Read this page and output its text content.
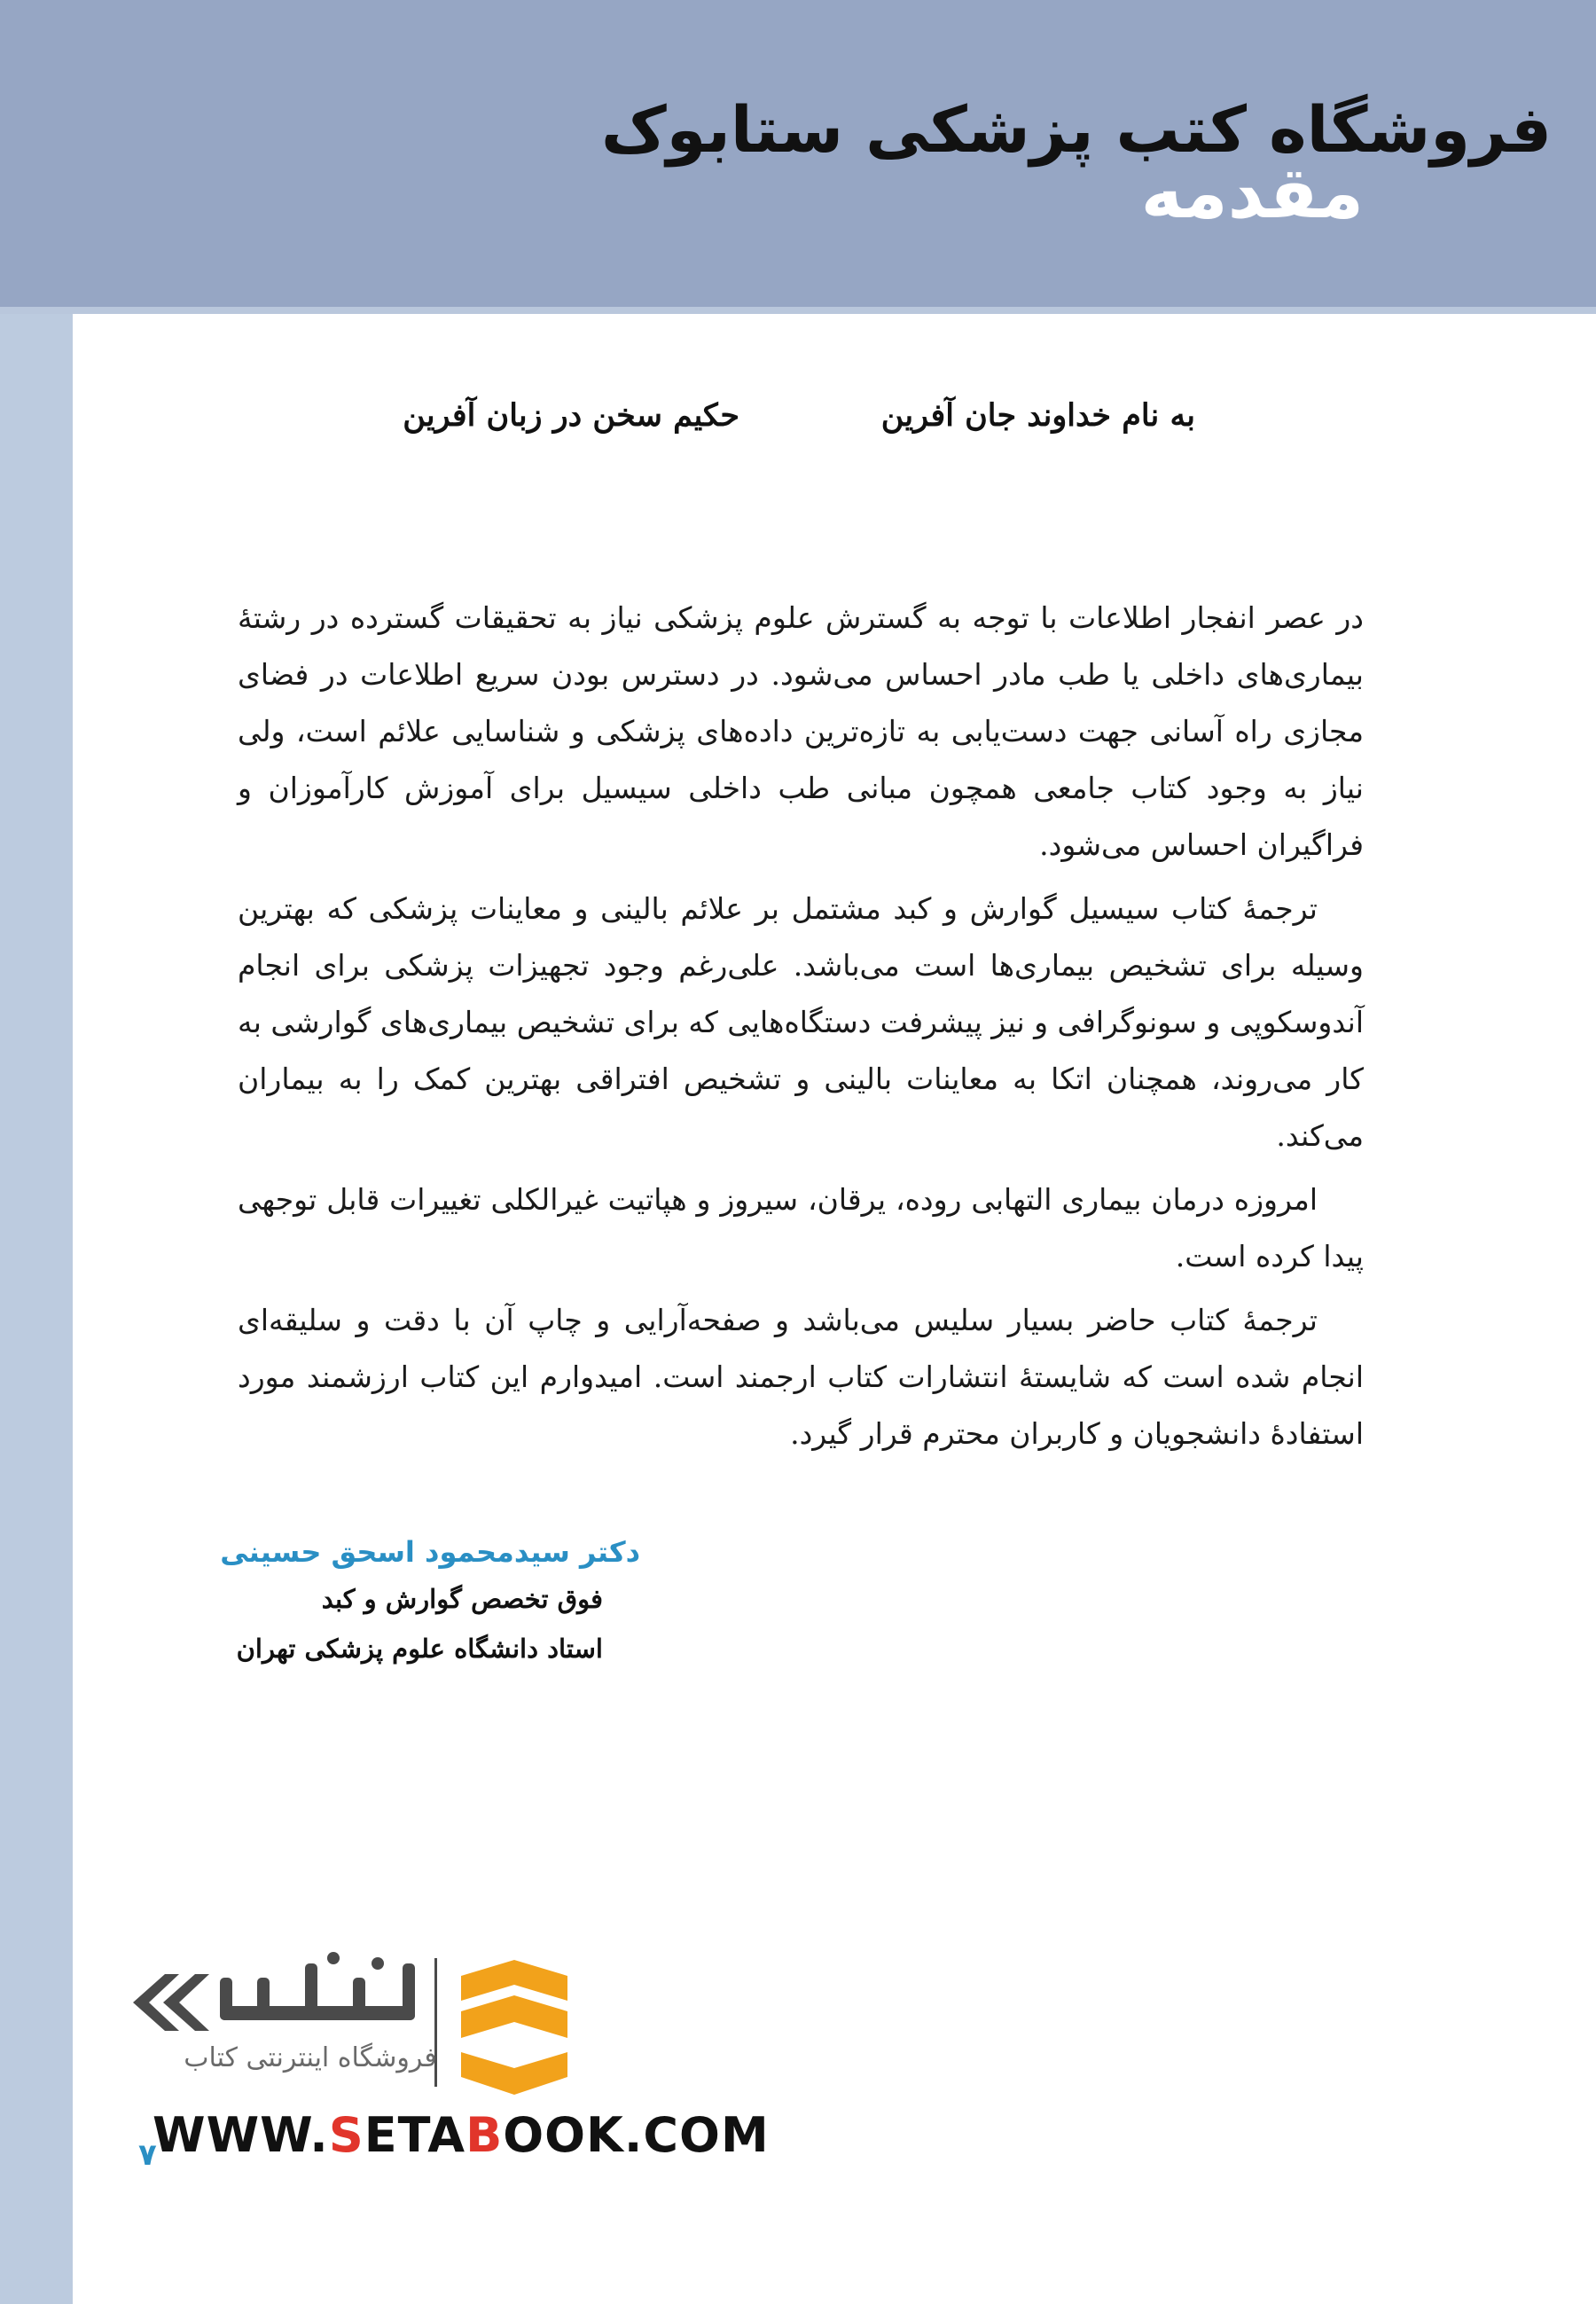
فروشگاه کتب پزشکی ستابوک
مقدمه
به نام خداوند جان آفرین
حکیم سخن در زبان آفرین

در عصر انفجار اطلاعات با توجه به گسترش علوم پزشکی نیاز به تحقیقات گسترده در رشتهٔ بیماری‌های داخلی یا طب مادر احساس می‌شود. در دسترس بودن سریع اطلاعات در فضای مجازی راه آسانی جهت دست‌یابی به تازه‌ترین داده‌های پزشکی و شناسایی علائم است، ولی نیاز به وجود کتاب جامعی همچون مبانی طب داخلی سیسیل برای آموزش کارآموزان و فراگیران احساس می‌شود.

ترجمهٔ کتاب سیسیل گوارش و کبد مشتمل بر علائم بالینی و معاینات پزشکی که بهترین وسیله برای تشخیص بیماری‌ها است می‌باشد. علی‌رغم وجود تجهیزات پزشکی برای انجام آندوسکوپی و سونوگرافی و نیز پیشرفت دستگاه‌هایی که برای تشخیص بیماری‌های گوارشی به کار می‌روند، همچنان اتکا به معاینات بالینی و تشخیص افتراقی بهترین کمک را به بیماران می‌کند.

امروزه درمان بیماری التهابی روده، یرقان، سیروز و هپاتیت غیرالکلی تغییرات قابل توجهی پیدا کرده است.

ترجمهٔ کتاب حاضر بسیار سلیس می‌باشد و صفحه‌آرایی و چاپ آن با دقت و سلیقه‌ای انجام شده است که شایستهٔ انتشارات کتاب ارجمند است. امیدوارم این کتاب ارزشمند مورد استفادهٔ دانشجویان و کاربران محترم قرار گیرد.

دکتر سیدمحمود اسحق حسینی
فوق تخصص گوارش و کبد
استاد دانشگاه علوم پزشکی تهران
فروشگاه اینترنتی کتاب
WWW.SETABOOK.COM
۷
